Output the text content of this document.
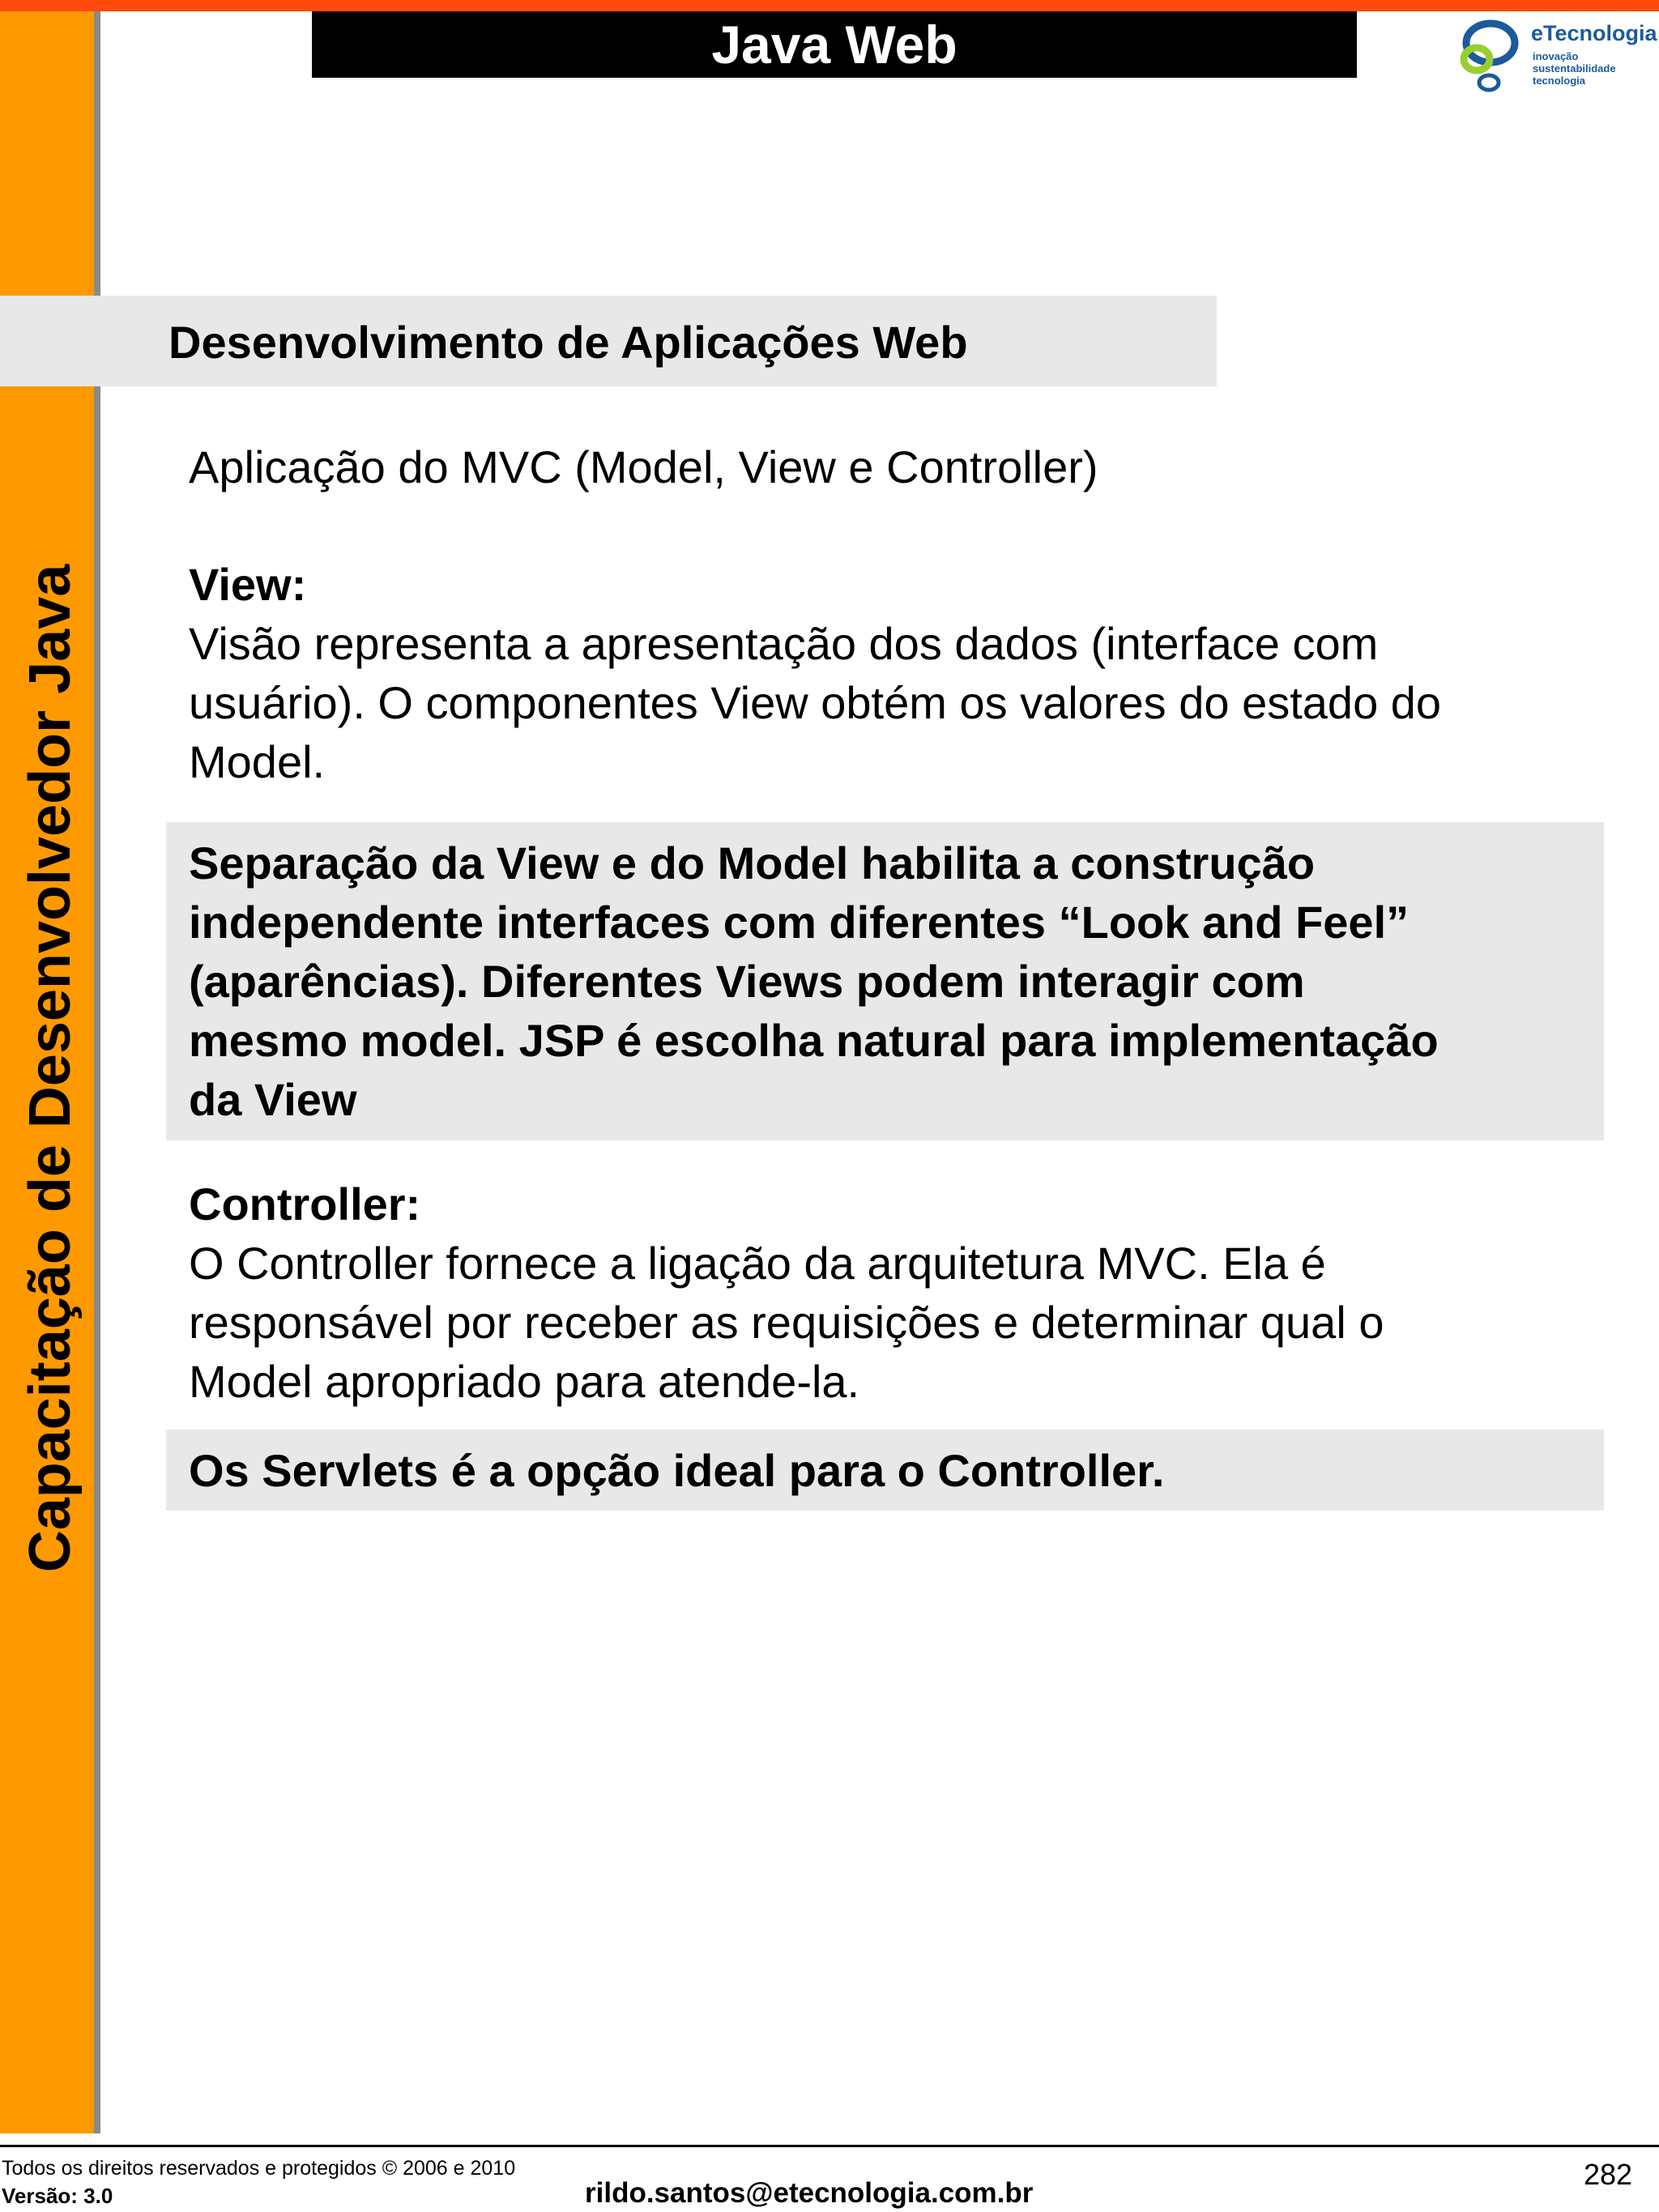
Capacitação de Desenvolvedor Java
Java Web	eTecnologia
inovação
sustentabilidade
tecnologia
Desenvolvimento de Aplicações Web
Aplicação do MVC (Model, View e Controller)
View:
Visão representa a apresentação dos dados (interface com
usuário). O componentes View obtém os valores do estado do
Model.
Separação da View e do Model habilita a construção
independente interfaces com diferentes “Look and Feel”
(aparências). Diferentes Views podem interagir com
mesmo model. JSP é escolha natural para implementação
da View
Controller:
O Controller fornece a ligação da arquitetura MVC. Ela é
responsável por receber as requisições e determinar qual o
Model apropriado para atende-la.
Os Servlets é a opção ideal para o Controller.
Todos os direitos reservados e protegidos © 2006 e 2010
Versão: 3.0	rildo.santos@etecnologia.com.br
282
